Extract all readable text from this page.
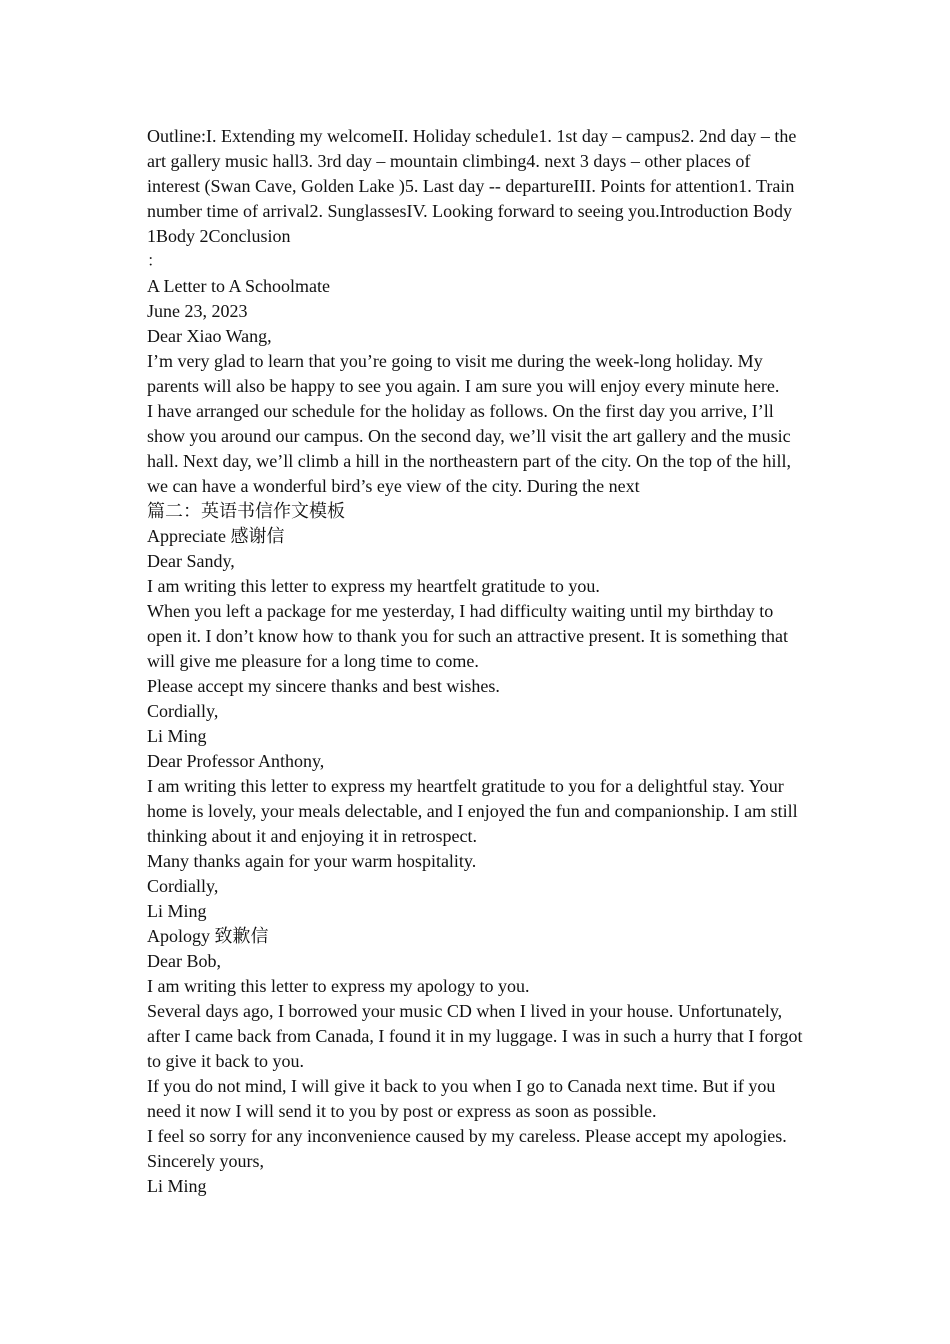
Outline:I. Extending my welcomeII. Holiday schedule1. 1st day – campus2. 2nd day – the art gallery music hall3. 3rd day – mountain climbing4. next 3 days – other places of interest (Swan Cave, Golden Lake )5. Last day -- departureIII. Points for attention1. Train number time of arrival2. SunglassesIV. Looking forward to seeing you.Introduction Body 1Body 2Conclusion

：

A Letter to A Schoolmate

June 23, 2023

Dear Xiao Wang,

I’m very glad to learn that you’re going to visit me during the week-long holiday. My parents will also be happy to see you again. I am sure you will enjoy every minute here.

I have arranged our schedule for the holiday as follows. On the first day you arrive, I’ll show you around our campus. On the second day, we’ll visit the art gallery and the music hall. Next day, we’ll climb a hill in the northeastern part of the city. On the top of the hill, we can have a wonderful bird’s eye view of the city. During the next

篇二：英语书信作文模板

Appreciate 感谢信

Dear Sandy,

I am writing this letter to express my heartfelt gratitude to you.

When you left a package for me yesterday, I had difficulty waiting until my birthday to open it. I don’t know how to thank you for such an attractive present. It is something that will give me pleasure for a long time to come.

Please accept my sincere thanks and best wishes.

Cordially,

Li Ming

Dear Professor Anthony,

I am writing this letter to express my heartfelt gratitude to you for a delightful stay. Your home is lovely, your meals delectable, and I enjoyed the fun and companionship. I am still thinking about it and enjoying it in retrospect.

Many thanks again for your warm hospitality.

Cordially,

Li Ming

Apology 致歉信

Dear Bob,

I am writing this letter to express my apology to you.

Several days ago, I borrowed your music CD when I lived in your house. Unfortunately, after I came back from Canada, I found it in my luggage. I was in such a hurry that I forgot to give it back to you.

If you do not mind, I will give it back to you when I go to Canada next time. But if you need it now I will send it to you by post or express as soon as possible.

I feel so sorry for any inconvenience caused by my careless. Please accept my apologies. Sincerely yours,

Li Ming
